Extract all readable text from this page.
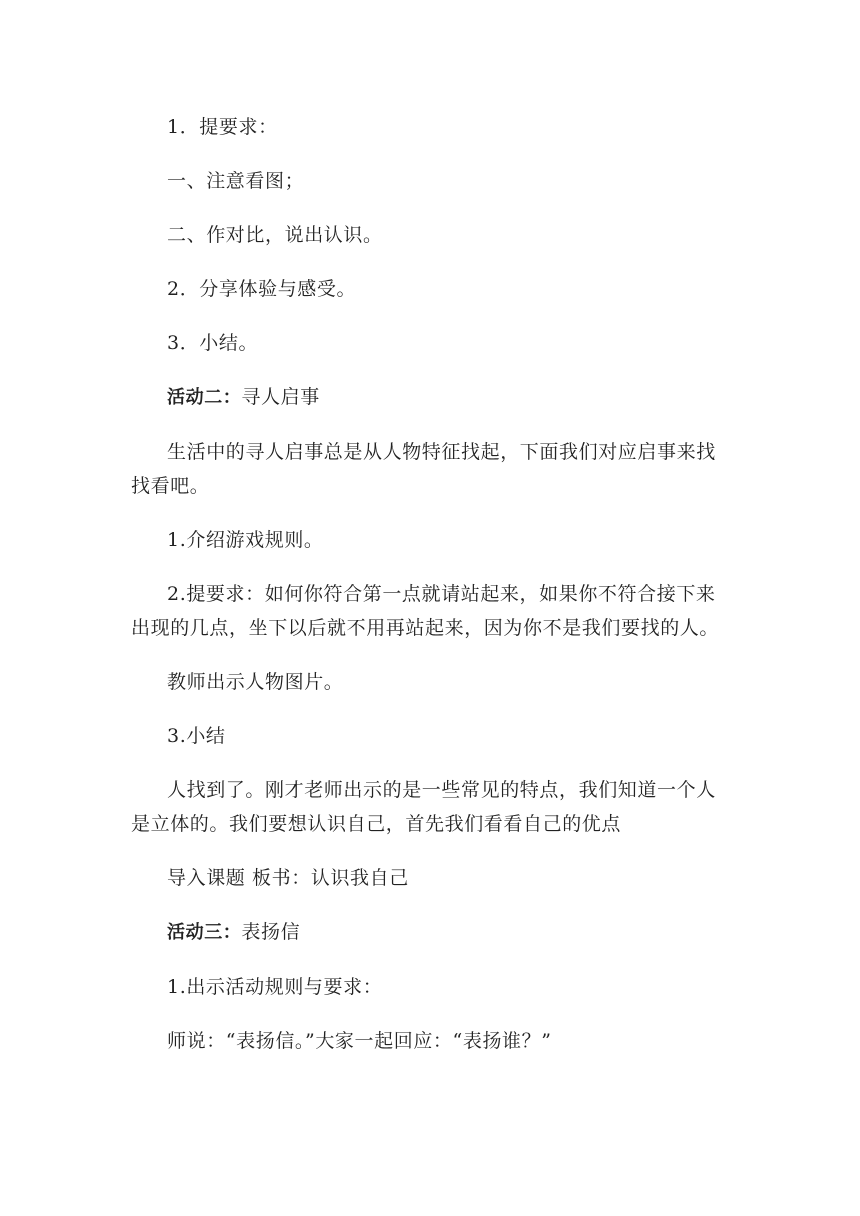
1．提要求：

一、注意看图；

二、作对比，说出认识。

2．分享体验与感受。

3．小结。

活动二：寻人启事

生活中的寻人启事总是从人物特征找起，下面我们对应启事来找找看吧。

1.介绍游戏规则。

2.提要求：如何你符合第一点就请站起来，如果你不符合接下来出现的几点，坐下以后就不用再站起来，因为你不是我们要找的人。

教师出示人物图片。

3.小结

人找到了。刚才老师出示的是一些常见的特点，我们知道一个人是立体的。我们要想认识自己，首先我们看看自己的优点

导入课题 板书：认识我自己

活动三：表扬信

1.出示活动规则与要求：

师说：“表扬信。”大家一起回应：“表扬谁？”
